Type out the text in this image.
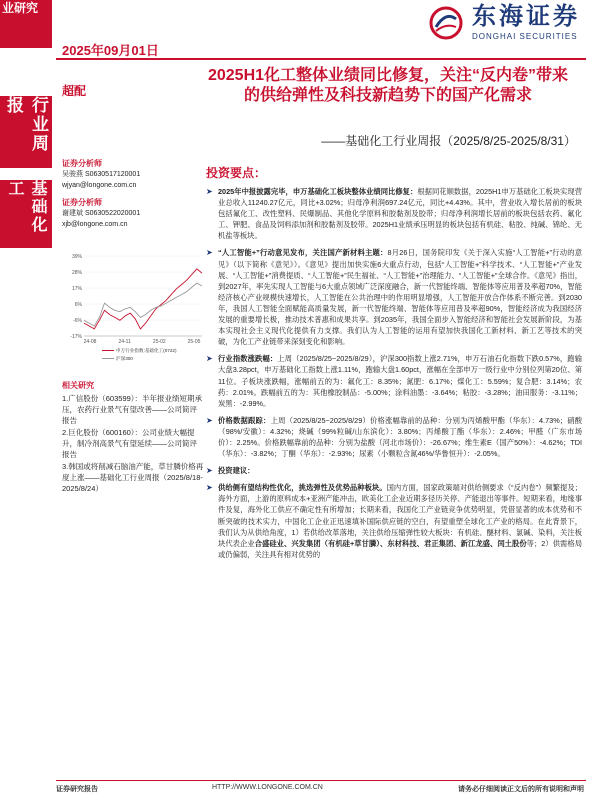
业研究
行业周报
基础化工
2025年09月01日
东海证券
DONGHAI SECURITIES
超配
2025H1化工整体业绩同比修复，关注“反内卷”带来的供给弹性及科技新趋势下的国产化需求
——基础化工行业周报（2025/8/25-2025/8/31）
证券分析师
吴骏燕 S0630517120001
wjyan@longone.com.cn
证券分析师
谢建斌 S0630522020001
xjb@longone.com.cn
39%
28%
17%
6%
-6%
-17%
24-08	24-11	25-02	25-05
申万行业指数:基础化工(0722)
沪深300
相关研究
1.广信股份（603599）：半年报业绩短期承压，农药行业景气有望改善——公司简评报告
2.巨化股份（600160）：公司业绩大幅提升，制冷剂高景气有望延续——公司简评报告
3.韩国或将削减石脑油产能，草甘膦价格再度上涨——基础化工行业周报（2025/8/18-2025/8/24）
投资要点：
➤ 2025年中报披露完毕，申万基础化工板块整体业绩同比修复：根据同花顺数据，2025H1申万基础化工板块实现营业总收入11240.27亿元，同比+3.02%；归母净利润697.24亿元，同比+4.43%。其中，营业收入增长居前的板块包括氟化工、改性塑料、民爆制品、其他化学原料和胶黏剂及胶带；归母净利润增长居前的板块包括农药、氟化工、钾肥、食品及饲料添加剂和胶黏剂及胶带。2025H1业绩承压明显的板块包括有机硅、粘胶、纯碱、锦纶、无机盐等板块。
➤ “人工智能+”行动意见发布，关注国产新材料主题：8月26日，国务院印发《关于深入实施“人工智能+”行动的意见》（以下简称《意见》）。《意见》提出加快实施6大重点行动，包括“人工智能+”科学技术、“人工智能+”产业发展、“人工智能+”消费提质、“人工智能+”民生福祉、“人工智能+”治理能力、“人工智能+”全球合作。《意见》指出，到2027年，率先实现人工智能与6大重点领域广泛深度融合，新一代智能终端、智能体等应用普及率超70%，智能经济核心产业规模快速增长，人工智能在公共治理中的作用明显增强，人工智能开放合作体系不断完善。到2030年，我国人工智能全面赋能高质量发展，新一代智能终端、智能体等应用普及率超90%，智能经济成为我国经济发展的重要增长极，推动技术普惠和成果共享。到2035年，我国全面步入智能经济和智能社会发展新阶段，为基本实现社会主义现代化提供有力支撑。我们认为人工智能的运用有望加快我国化工新材料、新工艺等技术的突破，为化工产业链带来深刻变化和影响。
➤ 行业指数涨跌幅：上周（2025/8/25~2025/8/29），沪深300指数上涨2.71%，申万石油石化指数下跌0.57%，跑输大盘3.28pct，申万基础化工指数上涨1.11%，跑输大盘1.60pct，涨幅在全部申万一级行业中分别位列第20位、第11位。子板块涨跌幅，涨幅前五的为：氟化工：8.35%；氮肥：6.17%；煤化工：5.59%；复合肥：3.14%；农药：2.01%。跌幅前五的为：其他橡胶制品：-5.00%；涂料油墨：-3.64%；粘胶：-3.28%；油田服务：-3.11%；炭黑：-2.99%。
➤ 价格数据跟踪：上周（2025/8/25~2025/8/29）价格涨幅靠前的品种：分别为丙烯酸甲酯（华东）：4.73%；硝酸（98%/安徽）：4.32%；烧碱（99%粒碱/山东滨化）：3.80%；丙烯酸丁酯（华东）：2.46%；甲醛（广东市场价）：2.25%。价格跌幅靠前的品种：分别为盐酸（河北市场价）：-26.67%；维生素E（国产50%）：-4.62%；TDI（华东）：-3.82%；丁酮（华东）：-2.93%；尿素（小颗粒含氮46%/华鲁恒升）：-2.05%。
➤ 投资建议：
➤ 供给侧有望结构性优化，挑选弹性及优势品种板块。国内方面，国家政策端对供给侧要求（“反内卷”）频繁提及；海外方面，上游的原料成本+亚洲产能冲击，欧美化工企业近期多径历关停、产能退出等事件。短期来看，地缘事件及复，海外化工供应不确定性有所增加；长期来看，我国化工产业链竞争优势明显，凭借显著的成本优势和不断突破的技术实力，中国化工企业正迅速填补国际供应链的空白，有望重塑全球化工产业的格局。在此背景下，我们认为从供给角度，1）若供给改革落地，关注供给压缩弹性较大板块：有机硅、醚材料、氯碱、染料，关注板块代表企业合盛硅业、兴发集团（有机硅+草甘膦）、东材科技、君正集团、新江龙盛、闰土股份等；2）供需格局或仍偏弱，关注具有相对优势的
证券研究报告	HTTP://WWW.LONGONE.COM.CN	请务必仔细阅读正文后的所有说明和声明
